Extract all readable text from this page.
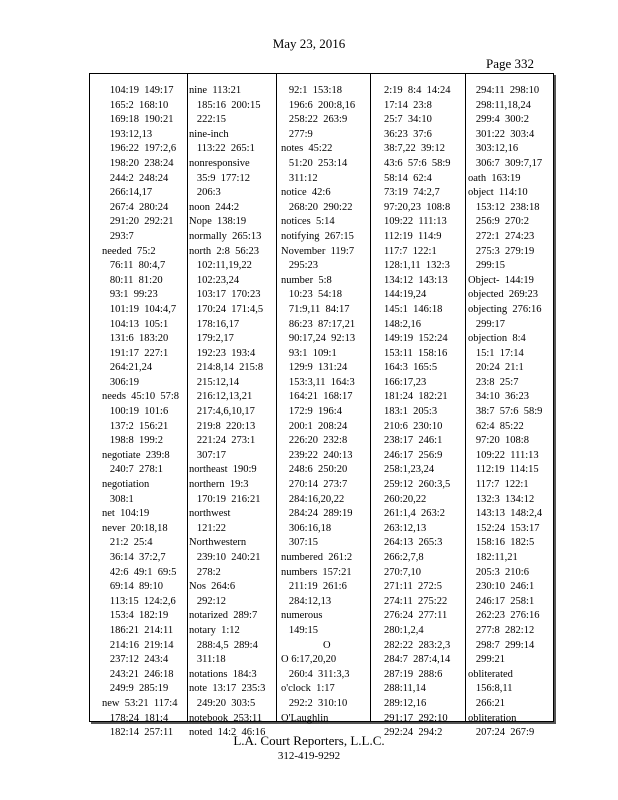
May 23, 2016
Page 332
104:19  149:17
165:2  168:10
169:18  190:21
193:12,13
196:22  197:2,6
198:20  238:24
244:2  248:24
266:14,17
267:4  280:24
291:20  292:21
293:7
needed  75:2
76:11  80:4,7
80:11  81:20
93:1  99:23
101:19  104:4,7
104:13  105:1
131:6  183:20
191:17  227:1
264:21,24
306:19
needs  45:10  57:8
100:19  101:6
137:2  156:21
198:8  199:2
negotiate  239:8
240:7  278:1
negotiation
308:1
net  104:19
never  20:18,18
21:2  25:4
36:14  37:2,7
42:6  49:1  69:5
69:14  89:10
113:15  124:2,6
153:4  182:19
186:21  214:11
214:16  219:14
237:12  243:4
243:21  246:18
249:9  285:19
new  53:21  117:4
178:24  181:4
182:14  257:11
nine  113:21
185:16  200:15
222:15
nine-inch
113:22  265:1
nonresponsive
35:9  177:12
206:3
noon  244:2
Nope  138:19
normally  265:13
north  2:8  56:23
102:11,19,22
102:23,24
103:17  170:23
170:24  171:4,5
178:16,17
179:2,17
192:23  193:4
214:8,14  215:8
215:12,14
216:12,13,21
217:4,6,10,17
219:8  220:13
221:24  273:1
307:17
northeast  190:9
northern  19:3
170:19  216:21
northwest
121:22
Northwestern
239:10  240:21
278:2
Nos  264:6
292:12
notarized  289:7
notary  1:12
288:4,5  289:4
311:18
notations  184:3
note  13:17  235:3
249:20  303:5
notebook  253:11
noted  14:2  46:16
92:1  153:18
196:6  200:8,16
258:22  263:9
277:9
notes  45:22
51:20  253:14
311:12
notice  42:6
268:20  290:22
notices  5:14
notifying  267:15
November  119:7
295:23
number  5:8
10:23  54:18
71:9,11  84:17
86:23  87:17,21
90:17,24  92:13
93:1  109:1
129:9  131:24
153:3,11  164:3
164:21  168:17
172:9  196:4
200:1  208:24
226:20  232:8
239:22  240:13
248:6  250:20
270:14  273:7
284:16,20,22
284:24  289:19
306:16,18
307:15
numbered  261:2
numbers  157:21
211:19  261:6
284:12,13
numerous
149:15
O
O 6:17,20,20
260:4  311:3,3
o'clock  1:17
292:2  310:10
O'Laughlin
2:19  8:4  14:24
17:14  23:8
25:7  34:10
36:23  37:6
38:7,22  39:12
43:6  57:6  58:9
58:14  62:4
73:19  74:2,7
97:20,23  108:8
109:22  111:13
112:19  114:9
117:7  122:1
128:1,11  132:3
134:12  143:13
144:19,24
145:1  146:18
148:2,16
149:19  152:24
153:11  158:16
164:3  165:5
166:17,23
181:24  182:21
183:1  205:3
210:6  230:10
238:17  246:1
246:17  256:9
258:1,23,24
259:12  260:3,5
260:20,22
261:1,4  263:2
263:12,13
264:13  265:3
266:2,7,8
270:7,10
271:11  272:5
274:11  275:22
276:24  277:11
280:1,2,4
282:22  283:2,3
284:7  287:4,14
287:19  288:6
288:11,14
289:12,16
291:17  292:10
292:24  294:2
294:11  298:10
298:11,18,24
299:4  300:2
301:22  303:4
303:12,16
306:7  309:7,17
oath  163:19
object  114:10
153:12  238:18
256:9  270:2
272:1  274:23
275:3  279:19
299:15
Object-  144:19
objected  269:23
objecting  276:16
299:17
objection  8:4
15:1  17:14
20:24  21:1
23:8  25:7
34:10  36:23
38:7  57:6  58:9
62:4  85:22
97:20  108:8
109:22  111:13
112:19  114:15
117:7  122:1
132:3  134:12
143:13  148:2,4
152:24  153:17
158:16  182:5
182:11,21
205:3  210:6
230:10  246:1
246:17  258:1
262:23  276:16
277:8  282:12
298:7  299:14
299:21
obliterated
156:8,11
266:21
obliteration
207:24  267:9
L.A. Court Reporters, L.L.C.
312-419-9292
